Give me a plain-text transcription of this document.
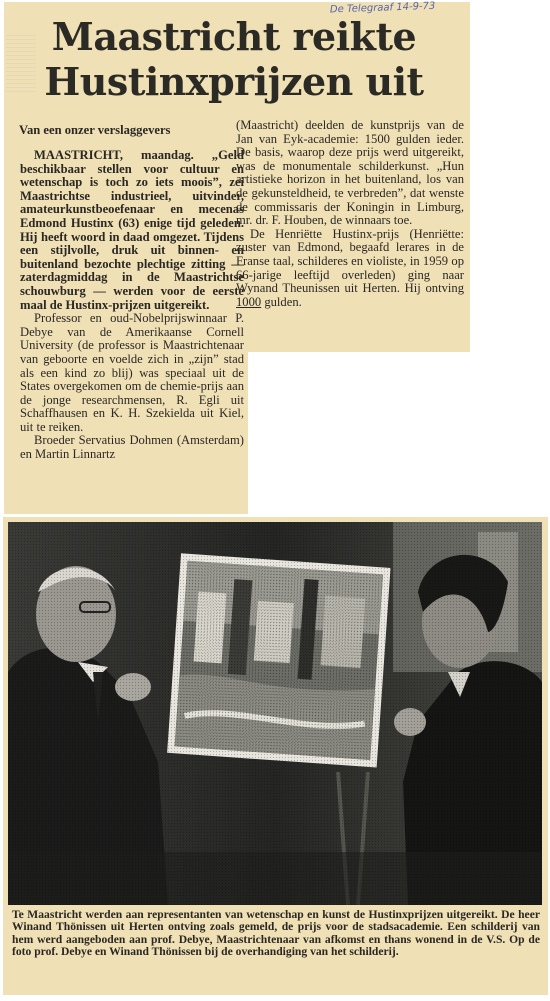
De Telegraaf 14-9-73
Maastricht reikte Hustinxprijzen uit
Van een onzer verslaggevers

MAASTRICHT, maandag. „Geld beschikbaar stellen voor cultuur en wetenschap is toch zo iets moois”, zei Maastrichtse industrieel, uitvinder, amateurkunstbeoefenaar en mecenas Edmond Hustinx (63) enige tijd geleden. Hij heeft woord in daad omgezet. Tijdens een stijlvolle, druk uit binnen- en buitenland bezochte plechtige zitting — zaterdagmiddag in de Maastrichtse schouwburg — werden voor de eerste maal de Hustinx-prijzen uitgereikt.

Professor en oud-Nobelprijswinnaar P. Debye van de Amerikaanse Cornell University (de professor is Maastrichtenaar van geboorte en voelde zich in „zijn” stad als een kind zo blij) was speciaal uit de States overgekomen om de chemie-prijs aan de jonge researchmensen, R. Egli uit Schaffhausen en K. H. Szekielda uit Kiel, uit te reiken.

Broeder Servatius Dohmen (Amsterdam) en Martin Linnartz

(Maastricht) deelden de kunstprijs van de Jan van Eyk-academie: 1500 gulden ieder. De basis, waarop deze prijs werd uitgereikt, was de monumentale schilderkunst. „Hun artistieke horizon in het buitenland, los van de gekunsteldheid, te verbreden”, dat wenste de commissaris der Koningin in Limburg, mr. dr. F. Houben, de winnaars toe.

De Henriëtte Hustinx-prijs (Henriëtte: zuster van Edmond, begaafd lerares in de Franse taal, schilderes en violiste, in 1959 op 66-jarige leeftijd overleden) ging naar Wynand Theunissen uit Herten. Hij ontving 1000 gulden.

Te Maastricht werden aan representanten van wetenschap en kunst de Hustinxprijzen uitgereikt. De heer Winand Thönissen uit Herten ontving zoals gemeld, de prijs voor de stadsacademie. Een schilderij van hem werd aangeboden aan prof. Debye, Maastrichtenaar van afkomst en thans wonend in de V.S. Op de foto prof. Debye en Winand Thönissen bij de overhandiging van het schilderij.
